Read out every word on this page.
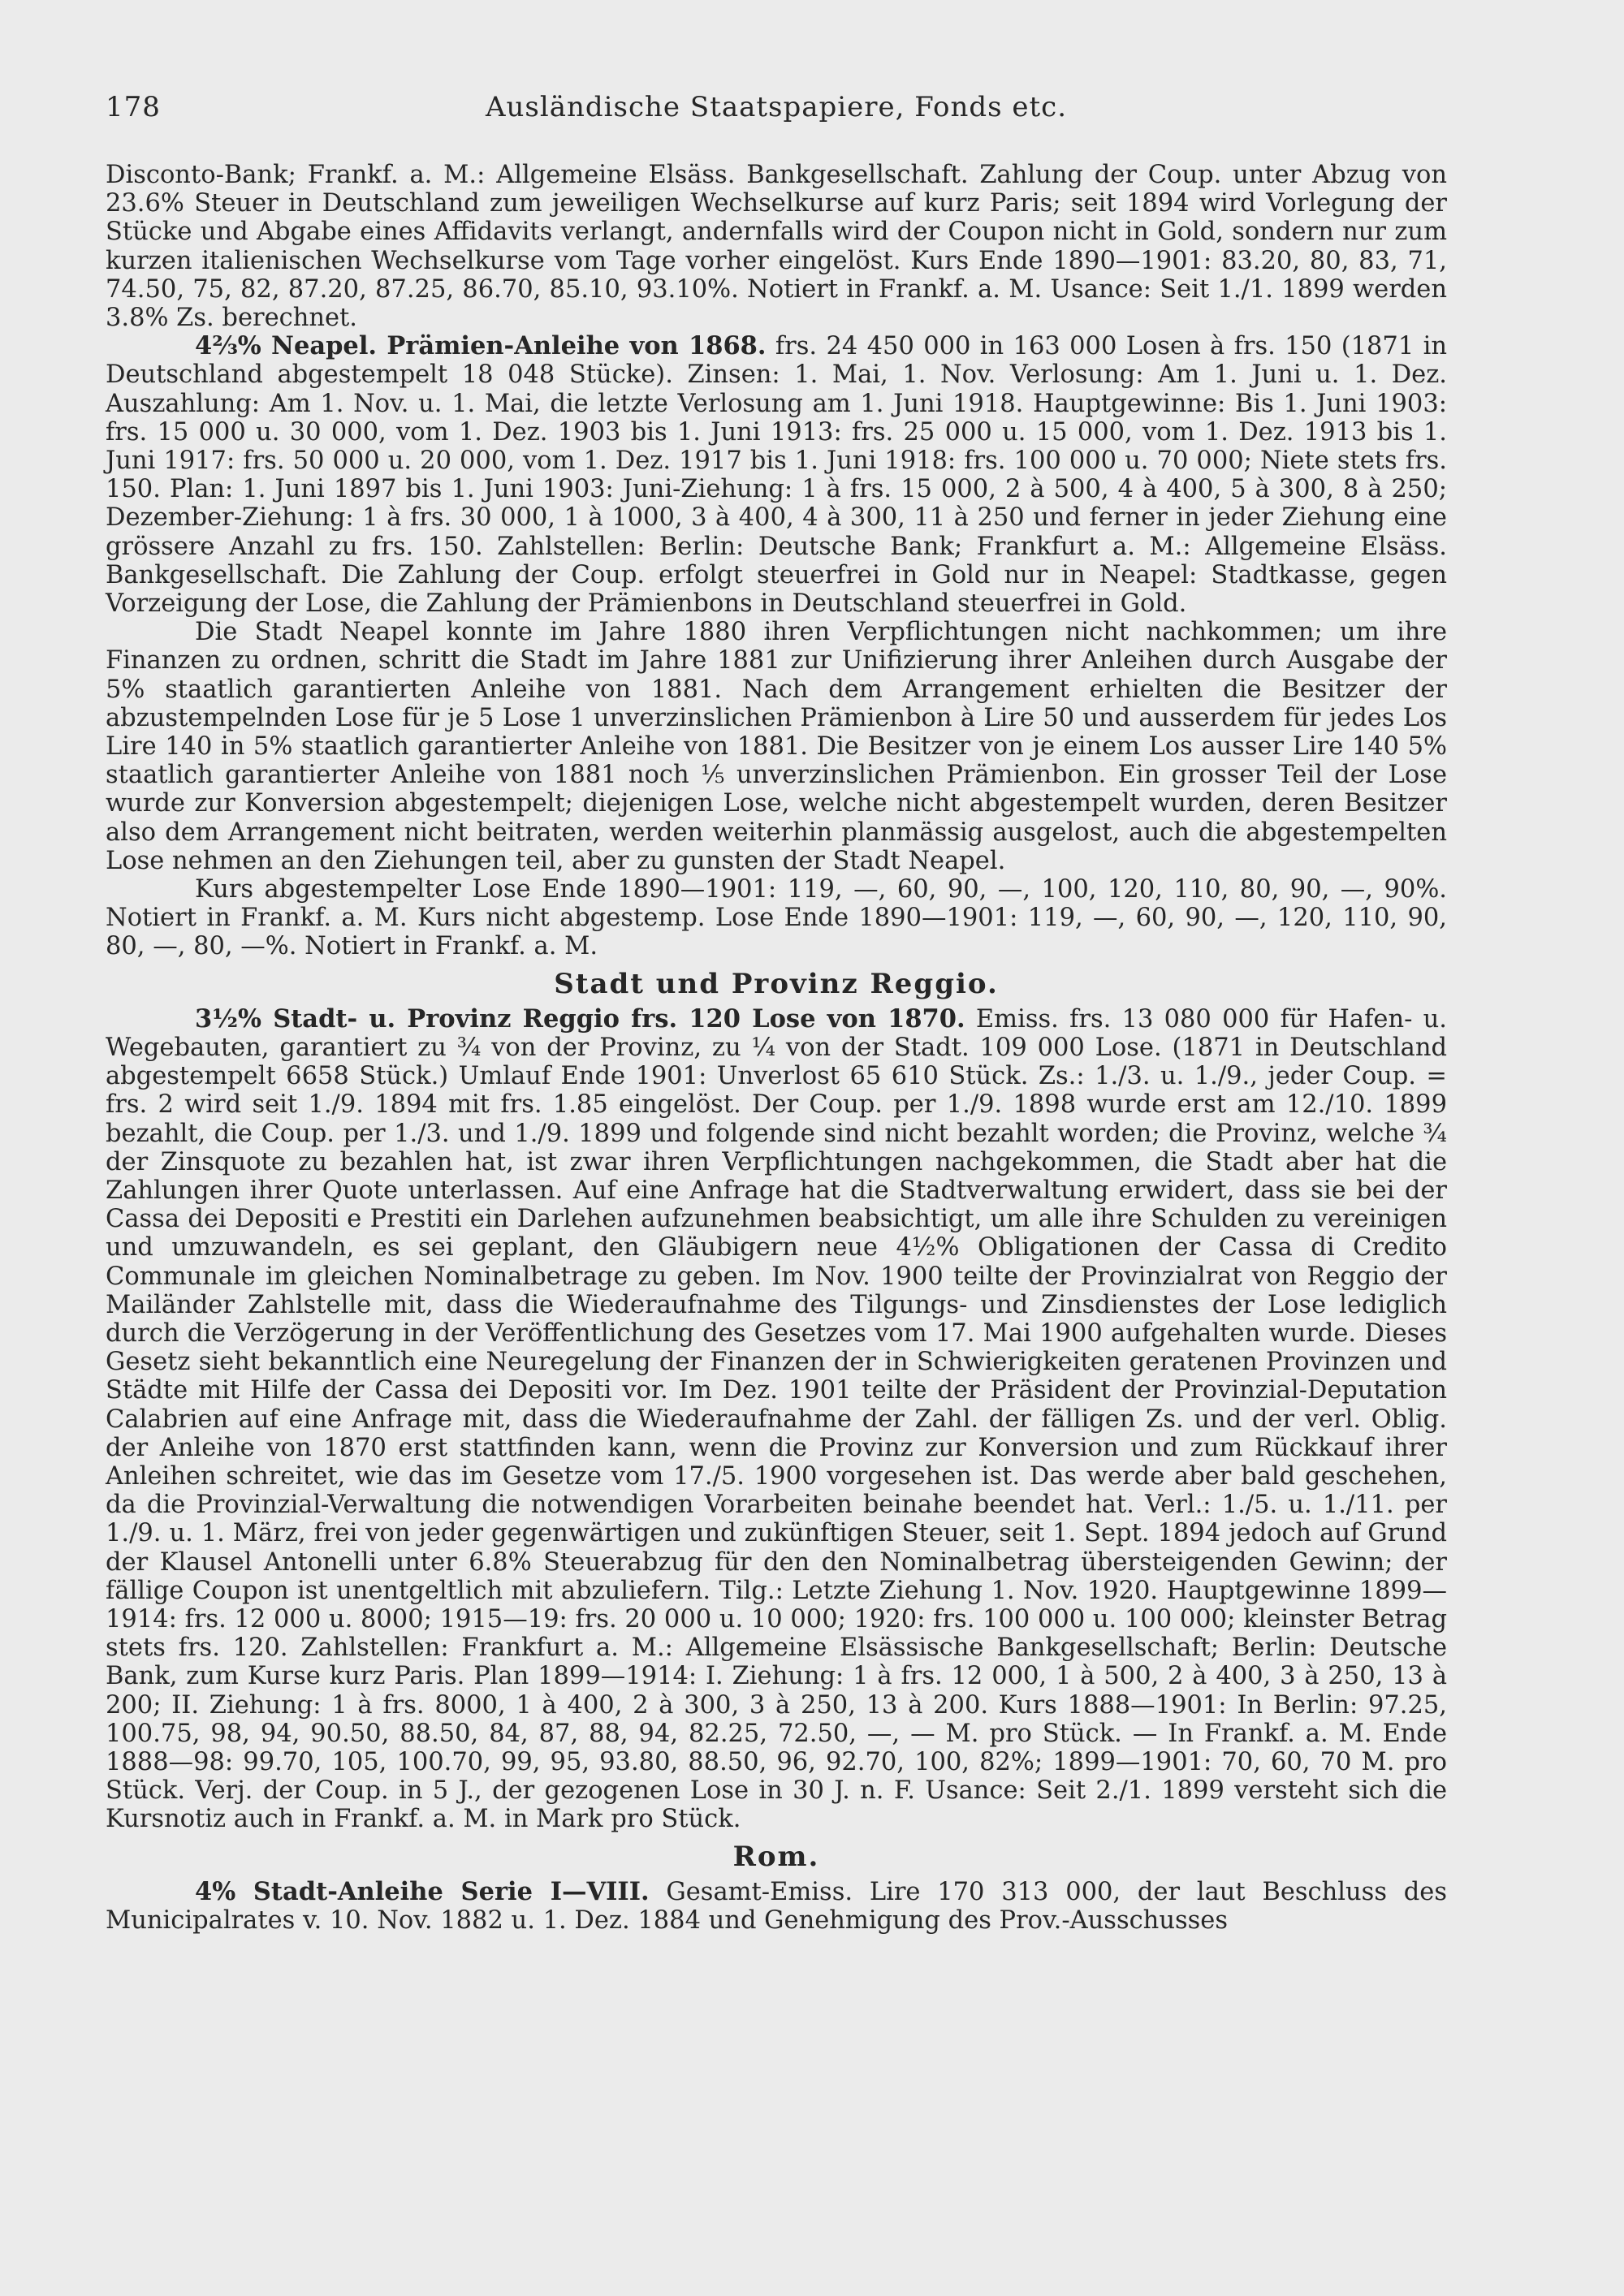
178	Ausländische Staatspapiere, Fonds etc.

Disconto-Bank; Frankf. a. M.: Allgemeine Elsäss. Bankgesellschaft. Zahlung der Coup. unter Abzug von 23.6% Steuer in Deutschland zum jeweiligen Wechselkurse auf kurz Paris; seit 1894 wird Vorlegung der Stücke und Abgabe eines Affidavits verlangt, andernfalls wird der Coupon nicht in Gold, sondern nur zum kurzen italienischen Wechselkurse vom Tage vorher eingelöst. Kurs Ende 1890—1901: 83.20, 80, 83, 71, 74.50, 75, 82, 87.20, 87.25, 86.70, 85.10, 93.10%. Notiert in Frankf. a. M. Usance: Seit 1./1. 1899 werden 3.8% Zs. berechnet.

4⅔% Neapel. Prämien-Anleihe von 1868. frs. 24 450 000 in 163 000 Losen à frs. 150 (1871 in Deutschland abgestempelt 18 048 Stücke). Zinsen: 1. Mai, 1. Nov. Verlosung: Am 1. Juni u. 1. Dez. Auszahlung: Am 1. Nov. u. 1. Mai, die letzte Verlosung am 1. Juni 1918. Hauptgewinne: Bis 1. Juni 1903: frs. 15 000 u. 30 000, vom 1. Dez. 1903 bis 1. Juni 1913: frs. 25 000 u. 15 000, vom 1. Dez. 1913 bis 1. Juni 1917: frs. 50 000 u. 20 000, vom 1. Dez. 1917 bis 1. Juni 1918: frs. 100 000 u. 70 000; Niete stets frs. 150. Plan: 1. Juni 1897 bis 1. Juni 1903: Juni-Ziehung: 1 à frs. 15 000, 2 à 500, 4 à 400, 5 à 300, 8 à 250; Dezember-Ziehung: 1 à frs. 30 000, 1 à 1000, 3 à 400, 4 à 300, 11 à 250 und ferner in jeder Ziehung eine grössere Anzahl zu frs. 150. Zahlstellen: Berlin: Deutsche Bank; Frankfurt a. M.: Allgemeine Elsäss. Bankgesellschaft. Die Zahlung der Coup. erfolgt steuerfrei in Gold nur in Neapel: Stadtkasse, gegen Vorzeigung der Lose, die Zahlung der Prämienbons in Deutschland steuerfrei in Gold.

Die Stadt Neapel konnte im Jahre 1880 ihren Verpflichtungen nicht nachkommen; um ihre Finanzen zu ordnen, schritt die Stadt im Jahre 1881 zur Unifizierung ihrer Anleihen durch Ausgabe der 5% staatlich garantierten Anleihe von 1881. Nach dem Arrangement erhielten die Besitzer der abzustempelnden Lose für je 5 Lose 1 unverzinslichen Prämienbon à Lire 50 und ausserdem für jedes Los Lire 140 in 5% staatlich garantierter Anleihe von 1881. Die Besitzer von je einem Los ausser Lire 140 5% staatlich garantierter Anleihe von 1881 noch ⅕ unverzinslichen Prämienbon. Ein grosser Teil der Lose wurde zur Konversion abgestempelt; diejenigen Lose, welche nicht abgestempelt wurden, deren Besitzer also dem Arrangement nicht beitraten, werden weiterhin planmässig ausgelost, auch die abgestempelten Lose nehmen an den Ziehungen teil, aber zu gunsten der Stadt Neapel.

Kurs abgestempelter Lose Ende 1890—1901: 119, —, 60, 90, —, 100, 120, 110, 80, 90, —, 90%. Notiert in Frankf. a. M. Kurs nicht abgestemp. Lose Ende 1890—1901: 119, —, 60, 90, —, 120, 110, 90, 80, —, 80, —%. Notiert in Frankf. a. M.

Stadt und Provinz Reggio.

3½% Stadt- u. Provinz Reggio frs. 120 Lose von 1870. Emiss. frs. 13 080 000 für Hafen- u. Wegebauten, garantiert zu ¾ von der Provinz, zu ¼ von der Stadt. 109 000 Lose. (1871 in Deutschland abgestempelt 6658 Stück.) Umlauf Ende 1901: Unverlost 65 610 Stück. Zs.: 1./3. u. 1./9., jeder Coup. = frs. 2 wird seit 1./9. 1894 mit frs. 1.85 eingelöst. Der Coup. per 1./9. 1898 wurde erst am 12./10. 1899 bezahlt, die Coup. per 1./3. und 1./9. 1899 und folgende sind nicht bezahlt worden; die Provinz, welche ¾ der Zinsquote zu bezahlen hat, ist zwar ihren Verpflichtungen nachgekommen, die Stadt aber hat die Zahlungen ihrer Quote unterlassen. Auf eine Anfrage hat die Stadtverwaltung erwidert, dass sie bei der Cassa dei Depositi e Prestiti ein Darlehen aufzunehmen beabsichtigt, um alle ihre Schulden zu vereinigen und umzuwandeln, es sei geplant, den Gläubigern neue 4½% Obligationen der Cassa di Credito Communale im gleichen Nominalbetrage zu geben. Im Nov. 1900 teilte der Provinzialrat von Reggio der Mailänder Zahlstelle mit, dass die Wiederaufnahme des Tilgungs- und Zinsdienstes der Lose lediglich durch die Verzögerung in der Veröffentlichung des Gesetzes vom 17. Mai 1900 aufgehalten wurde. Dieses Gesetz sieht bekanntlich eine Neuregelung der Finanzen der in Schwierigkeiten geratenen Provinzen und Städte mit Hilfe der Cassa dei Depositi vor. Im Dez. 1901 teilte der Präsident der Provinzial-Deputation Calabrien auf eine Anfrage mit, dass die Wiederaufnahme der Zahl. der fälligen Zs. und der verl. Oblig. der Anleihe von 1870 erst stattfinden kann, wenn die Provinz zur Konversion und zum Rückkauf ihrer Anleihen schreitet, wie das im Gesetze vom 17./5. 1900 vorgesehen ist. Das werde aber bald geschehen, da die Provinzial-Verwaltung die notwendigen Vorarbeiten beinahe beendet hat. Verl.: 1./5. u. 1./11. per 1./9. u. 1. März, frei von jeder gegenwärtigen und zukünftigen Steuer, seit 1. Sept. 1894 jedoch auf Grund der Klausel Antonelli unter 6.8% Steuerabzug für den den Nominalbetrag übersteigenden Gewinn; der fällige Coupon ist unentgeltlich mit abzuliefern. Tilg.: Letzte Ziehung 1. Nov. 1920. Hauptgewinne 1899—1914: frs. 12 000 u. 8000; 1915—19: frs. 20 000 u. 10 000; 1920: frs. 100 000 u. 100 000; kleinster Betrag stets frs. 120. Zahlstellen: Frankfurt a. M.: Allgemeine Elsässische Bankgesellschaft; Berlin: Deutsche Bank, zum Kurse kurz Paris. Plan 1899—1914: I. Ziehung: 1 à frs. 12 000, 1 à 500, 2 à 400, 3 à 250, 13 à 200; II. Ziehung: 1 à frs. 8000, 1 à 400, 2 à 300, 3 à 250, 13 à 200. Kurs 1888—1901: In Berlin: 97.25, 100.75, 98, 94, 90.50, 88.50, 84, 87, 88, 94, 82.25, 72.50, —, — M. pro Stück. — In Frankf. a. M. Ende 1888—98: 99.70, 105, 100.70, 99, 95, 93.80, 88.50, 96, 92.70, 100, 82%; 1899—1901: 70, 60, 70 M. pro Stück. Verj. der Coup. in 5 J., der gezogenen Lose in 30 J. n. F. Usance: Seit 2./1. 1899 versteht sich die Kursnotiz auch in Frankf. a. M. in Mark pro Stück.

Rom.

4% Stadt-Anleihe Serie I—VIII. Gesamt-Emiss. Lire 170 313 000, der laut Beschluss des Municipalrates v. 10. Nov. 1882 u. 1. Dez. 1884 und Genehmigung des Prov.-Ausschusses
